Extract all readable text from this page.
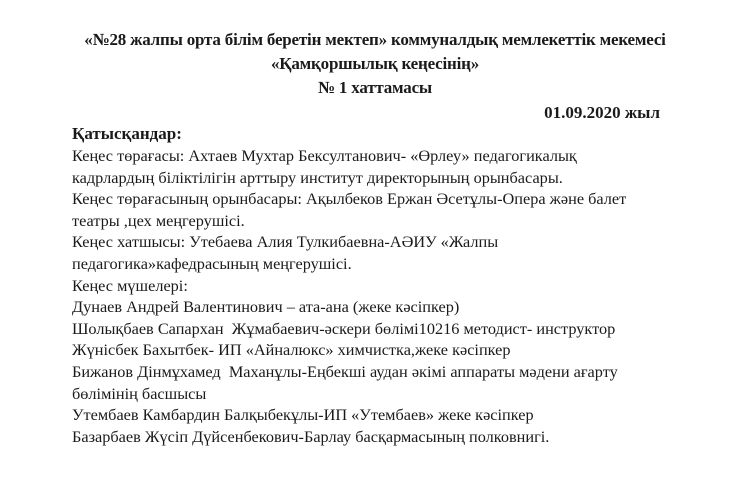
«№28 жалпы орта білім беретін мектеп» коммуналдық мемлекеттік мекемесі
«Қамқоршылық кеңесінің»
№ 1 хаттамасы
01.09.2020 жыл
Қатысқандар:
Кеңес төрағасы: Ахтаев Мухтар Бексултанович- «Өрлеу» педагогикалық
кадрлардың біліктілігін арттыру институт директорының орынбасары.
Кеңес төрағасының орынбасары: Ақылбеков Ержан Әсетұлы-Опера және балет
театры ,цех меңгерушісі.
Кеңес хатшысы: Утебаева Алия Тулкибаевна-АӘИУ «Жалпы
педагогика»кафедрасының меңгерушісі.
Кеңес мүшелері:
Дунаев Андрей Валентинович – ата-ана (жеке кәсіпкер)
Шолықбаев Сапархан  Жұмабаевич-әскери бөлімі10216 методист- инструктор
Жүнісбек Бахытбек- ИП «Айналюкс» химчистка,жеке кәсіпкер
Бижанов Дінмұхамед  Маханұлы-Еңбекші аудан әкімі аппараты мәдени ағарту
бөлімінің басшысы
Утембаев Камбардин Балқыбекұлы-ИП «Утембаев» жеке кәсіпкер
Базарбаев Жүсіп Дүйсенбекович-Барлау басқармасының полковнигі.
